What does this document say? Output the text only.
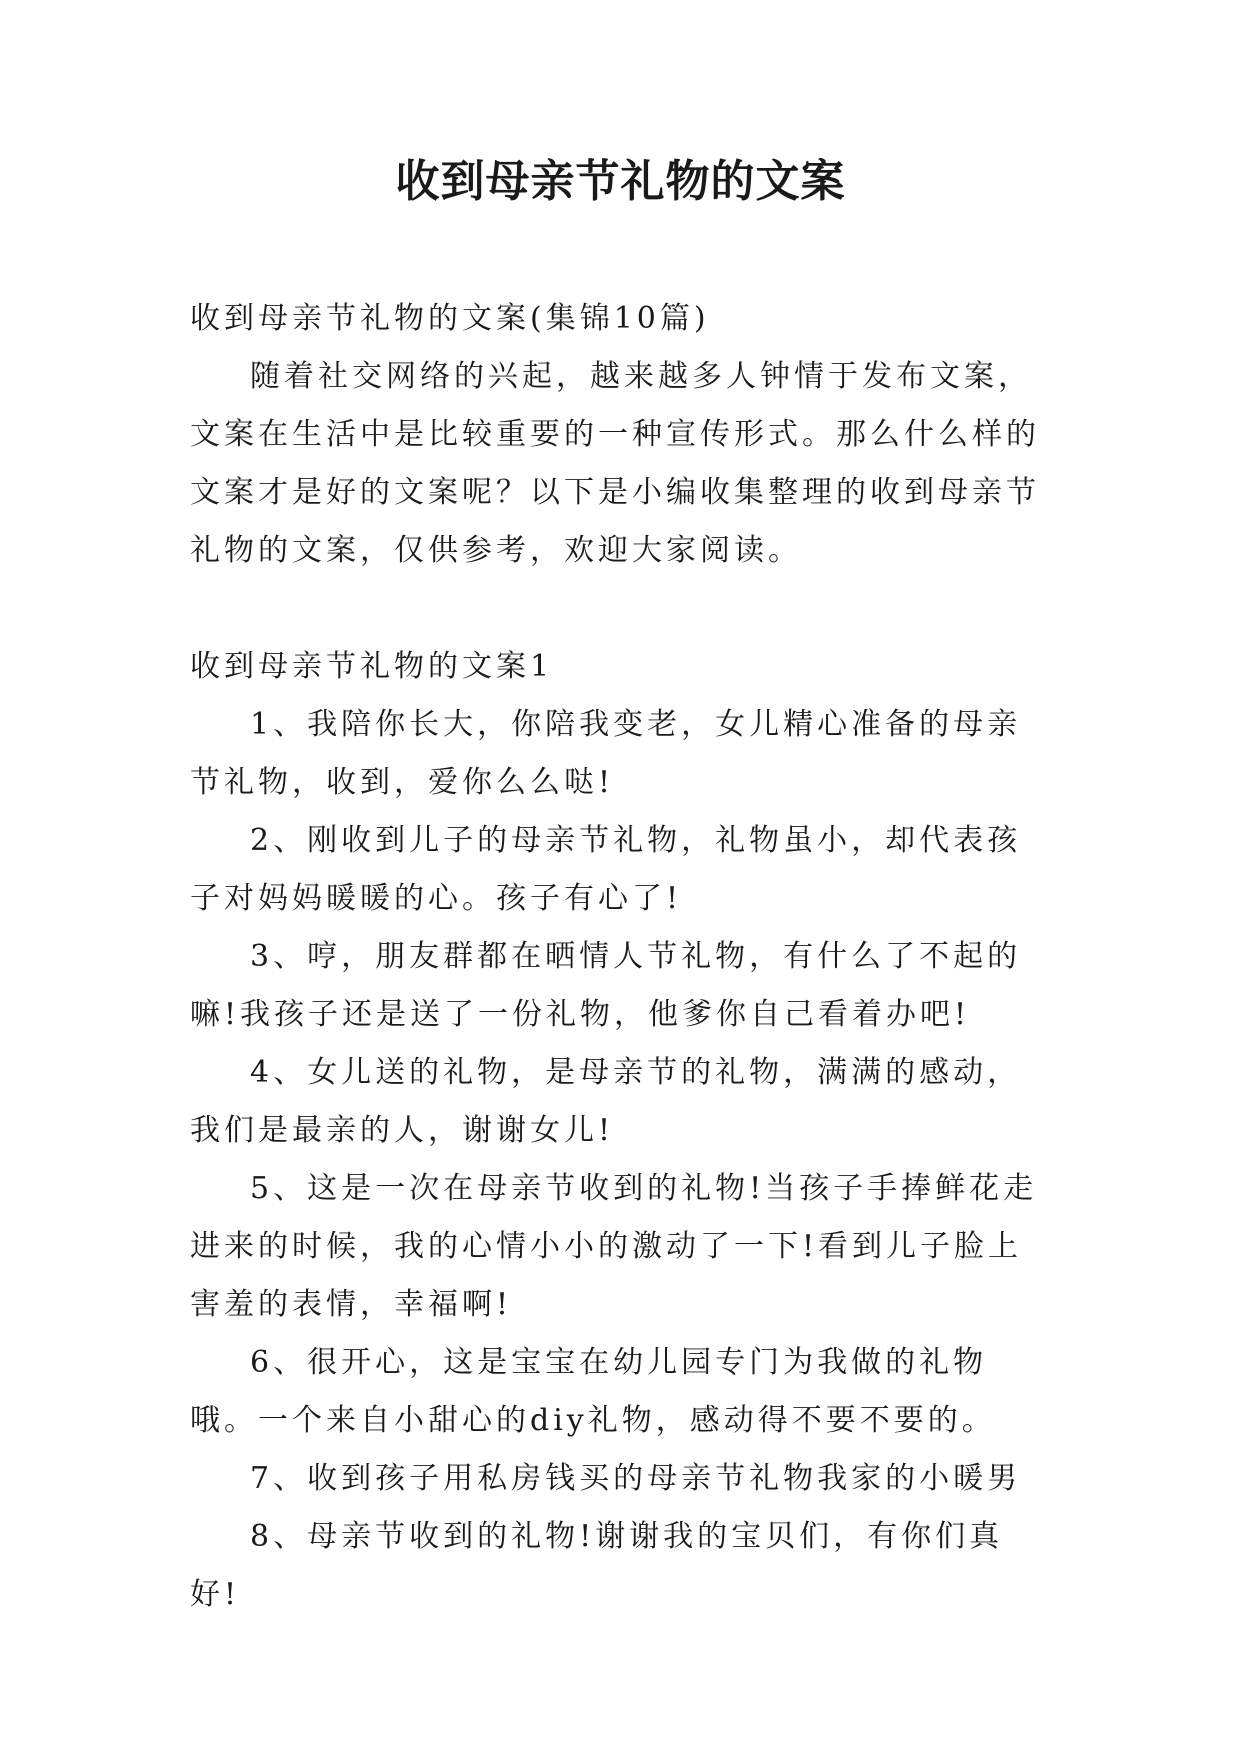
收到母亲节礼物的文案

收到母亲节礼物的文案(集锦10篇)

随着社交网络的兴起，越来越多人钟情于发布文案，文案在生活中是比较重要的一种宣传形式。那么什么样的文案才是好的文案呢？以下是小编收集整理的收到母亲节礼物的文案，仅供参考，欢迎大家阅读。

收到母亲节礼物的文案1

1、我陪你长大，你陪我变老，女儿精心准备的母亲节礼物，收到，爱你么么哒!

2、刚收到儿子的母亲节礼物，礼物虽小，却代表孩子对妈妈暖暖的心。孩子有心了!

3、哼，朋友群都在晒情人节礼物，有什么了不起的嘛!我孩子还是送了一份礼物，他爹你自己看着办吧!

4、女儿送的礼物，是母亲节的礼物，满满的感动，我们是最亲的人，谢谢女儿!

5、这是一次在母亲节收到的礼物!当孩子手捧鲜花走进来的时候，我的心情小小的激动了一下!看到儿子脸上害羞的表情，幸福啊!

6、很开心，这是宝宝在幼儿园专门为我做的礼物哦。一个来自小甜心的diy礼物，感动得不要不要的。

7、收到孩子用私房钱买的母亲节礼物我家的小暖男

8、母亲节收到的礼物!谢谢我的宝贝们，有你们真好!
